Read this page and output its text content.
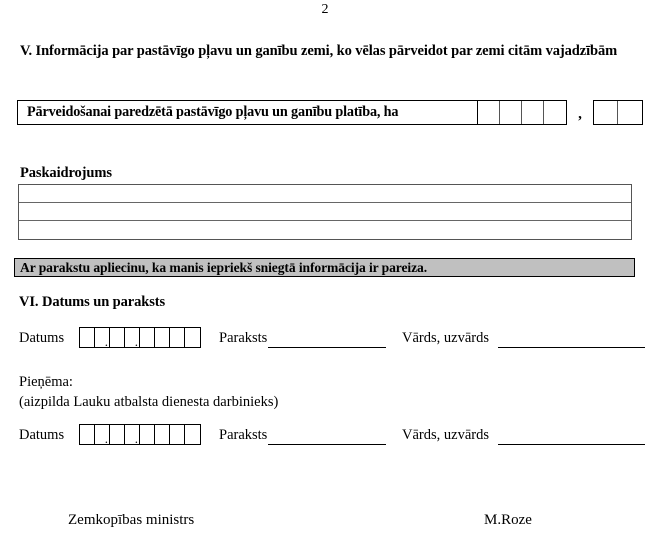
2
V. Informācija par pastāvīgo pļavu un ganību zemi, ko vēlas pārveidot par zemi citām vajadzībām
Pārveidošanai paredzētā pastāvīgo pļavu un ganību platība, ha	,
Paskaidrojums
Ar parakstu apliecinu, ka manis iepriekš sniegtā informācija ir pareiza.
VI. Datums un paraksts
Datums	. .	Paraksts	Vārds, uzvārds
Pieņēma:
(aizpilda Lauku atbalsta dienesta darbinieks)
Datums	. .	Paraksts	Vārds, uzvārds
Zemkopības ministrs	M.Roze
